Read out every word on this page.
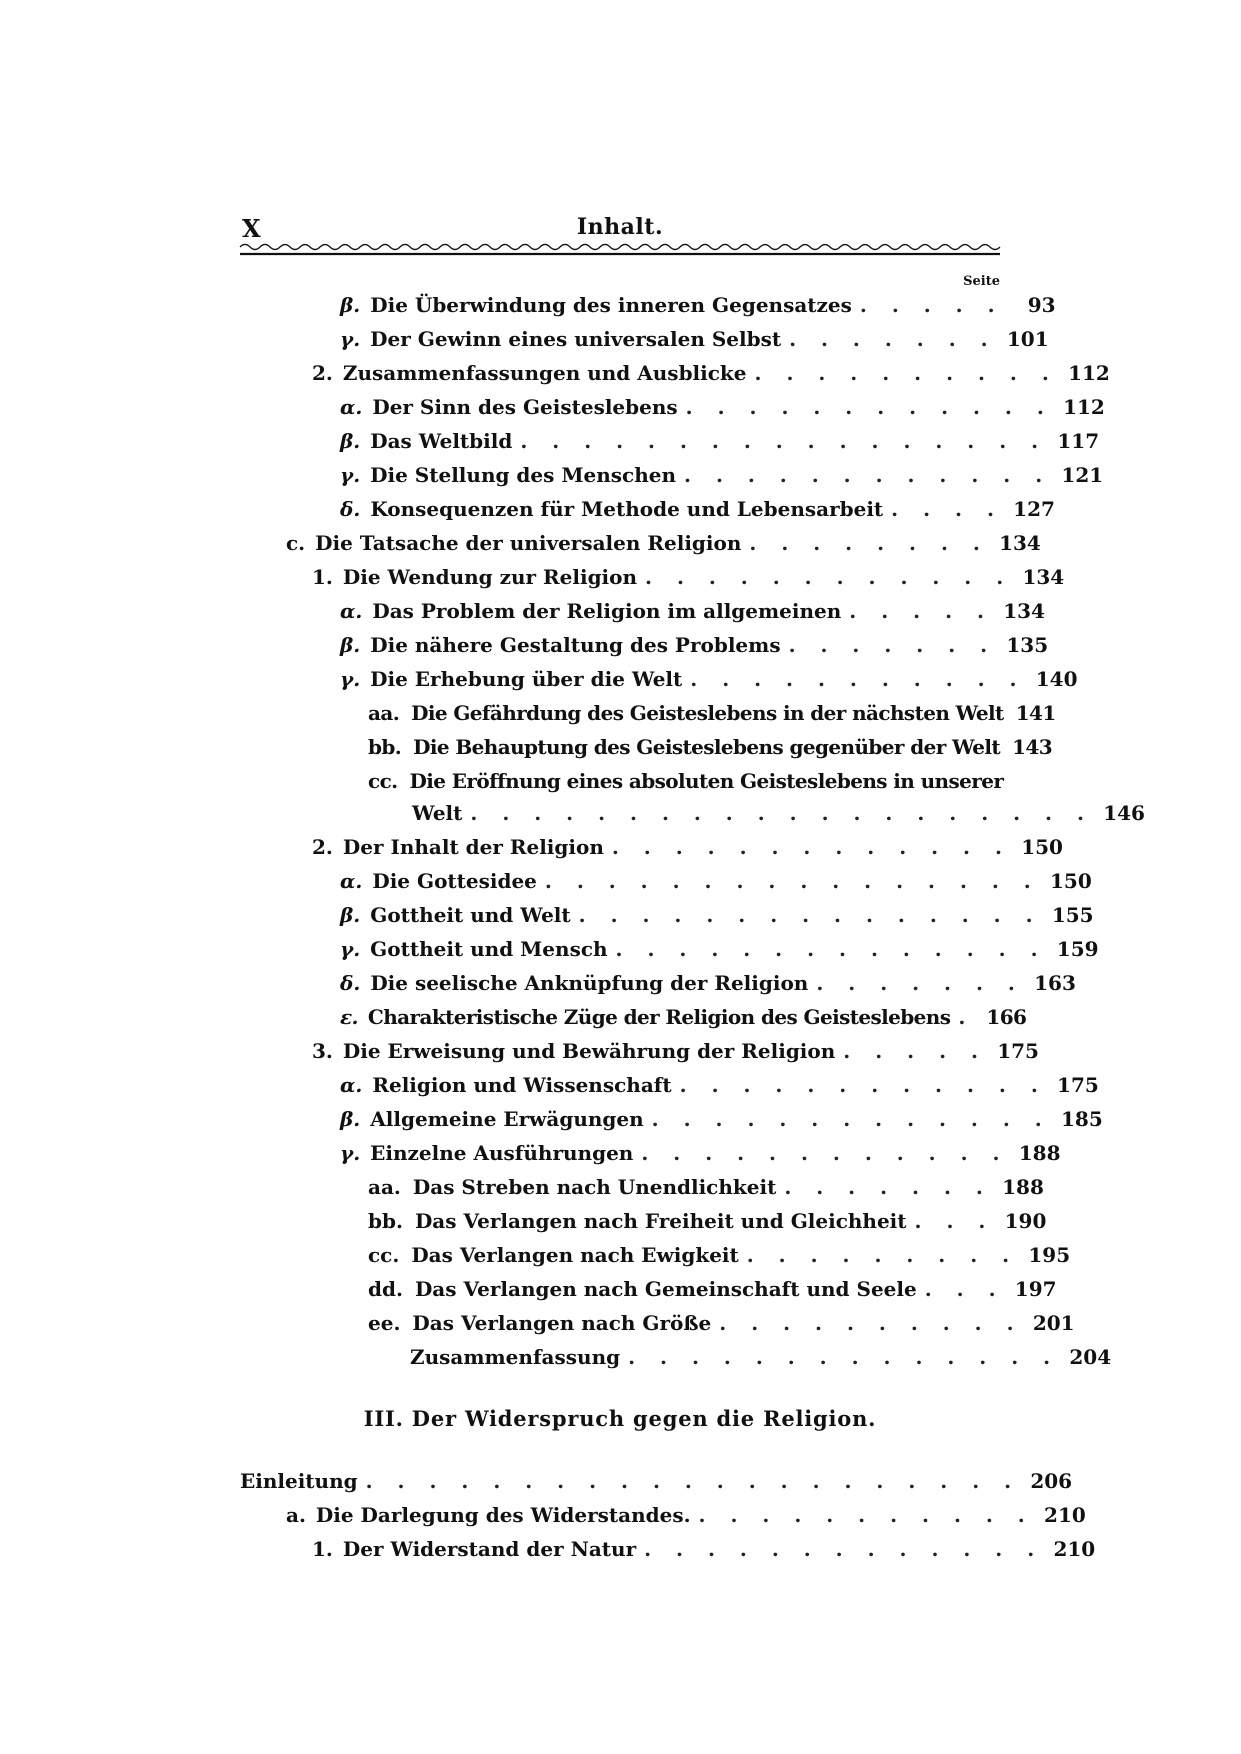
X	Inhalt.
Seite
β. Die Überwindung des inneren Gegensatzes . . . . .	93
γ. Der Gewinn eines universalen Selbst . . . . . . . 101
2. Zusammenfassungen und Ausblicke . . . . . . . . . . 112
α. Der Sinn des Geisteslebens . . . . . . . . . . . . 112
β. Das Weltbild . . . . . . . . . . . . . . . . . 117
γ. Die Stellung des Menschen . . . . . . . . . . . . 121
δ. Konsequenzen für Methode und Lebensarbeit . . . . 127
c. Die Tatsache der universalen Religion . . . . . . . . 134
1. Die Wendung zur Religion . . . . . . . . . . . . 134
α. Das Problem der Religion im allgemeinen . . . . . 134
β. Die nähere Gestaltung des Problems . . . . . . . 135
γ. Die Erhebung über die Welt . . . . . . . . . . . 140
aa. Die Gefährdung des Geisteslebens in der nächsten Welt 141
bb. Die Behauptung des Geisteslebens gegenüber der Welt 143
cc. Die Eröffnung eines absoluten Geisteslebens in unserer
Welt . . . . . . . . . . . . . . . . . . . . 146
2. Der Inhalt der Religion . . . . . . . . . . . . . 150
α. Die Gottesidee . . . . . . . . . . . . . . . . 150
β. Gottheit und Welt . . . . . . . . . . . . . . . 155
γ. Gottheit und Mensch . . . . . . . . . . . . . . 159
δ. Die seelische Anknüpfung der Religion . . . . . . . 163
ε. Charakteristische Züge der Religion des Geisteslebens . 166
3. Die Erweisung und Bewährung der Religion . . . . . 175
α. Religion und Wissenschaft . . . . . . . . . . . . 175
β. Allgemeine Erwägungen . . . . . . . . . . . . . 185
γ. Einzelne Ausführungen . . . . . . . . . . . . 188
aa. Das Streben nach Unendlichkeit . . . . . . . 188
bb. Das Verlangen nach Freiheit und Gleichheit . . . 190
cc. Das Verlangen nach Ewigkeit . . . . . . . . . 195
dd. Das Verlangen nach Gemeinschaft und Seele . . . 197
ee. Das Verlangen nach Größe . . . . . . . . . . 201
Zusammenfassung . . . . . . . . . . . . . . 204
III. Der Widerspruch gegen die Religion.
Einleitung . . . . . . . . . . . . . . . . . . . . . 206
a. Die Darlegung des Widerstandes. . . . . . . . . . . . 210
1. Der Widerstand der Natur . . . . . . . . . . . . . 210
